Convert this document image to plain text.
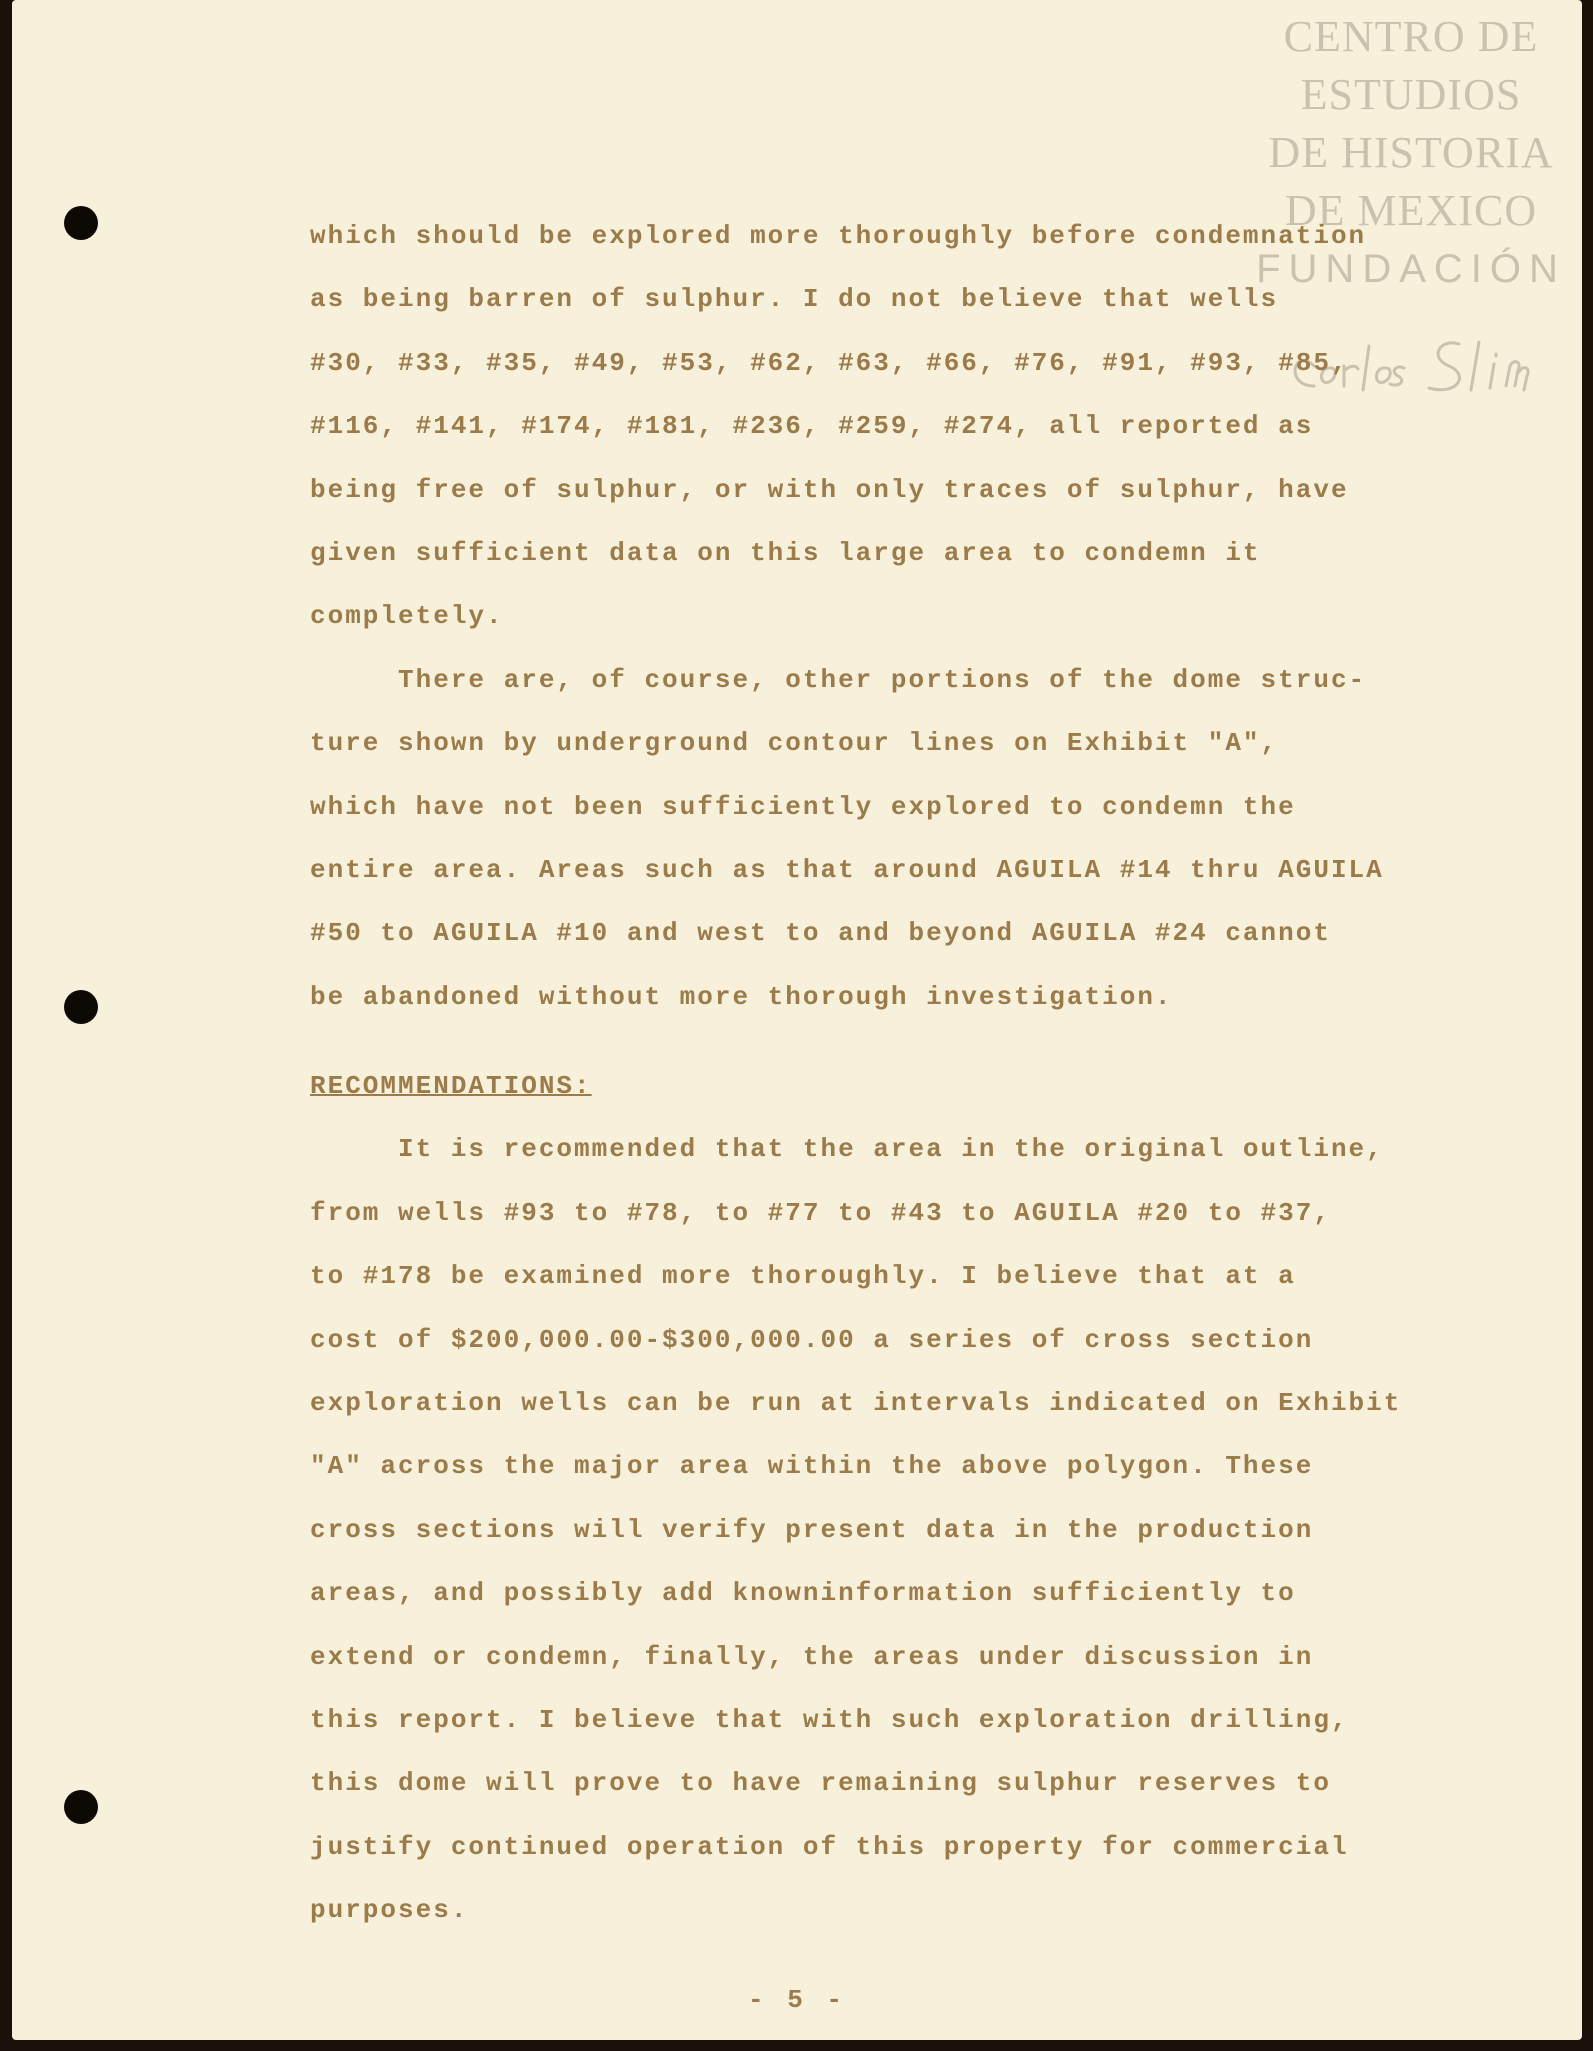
CENTRO DE
ESTUDIOS
DE HISTORIA
DE MEXICO
FUNDACIÓN
which should be explored more thoroughly before condemnation
as being barren of sulphur. I do not believe that wells
#30, #33, #35, #49, #53, #62, #63, #66, #76, #91, #93, #85,
#116, #141, #174, #181, #236, #259, #274, all reported as
being free of sulphur, or with only traces of sulphur, have
given sufficient data on this large area to condemn it
completely.
There are, of course, other portions of the dome struc-
ture shown by underground contour lines on Exhibit "A",
which have not been sufficiently explored to condemn the
entire area. Areas such as that around AGUILA #14 thru AGUILA
#50 to AGUILA #10 and west to and beyond AGUILA #24 cannot
be abandoned without more thorough investigation.
RECOMMENDATIONS:
It is recommended that the area in the original outline,
from wells #93 to #78, to #77 to #43 to AGUILA #20 to #37,
to #178 be examined more thoroughly. I believe that at a
cost of $200,000.00-$300,000.00 a series of cross section
exploration wells can be run at intervals indicated on Exhibit
"A" across the major area within the above polygon. These
cross sections will verify present data in the production
areas, and possibly add knowninformation sufficiently to
extend or condemn, finally, the areas under discussion in
this report. I believe that with such exploration drilling,
this dome will prove to have remaining sulphur reserves to
justify continued operation of this property for commercial
purposes.
- 5 -
